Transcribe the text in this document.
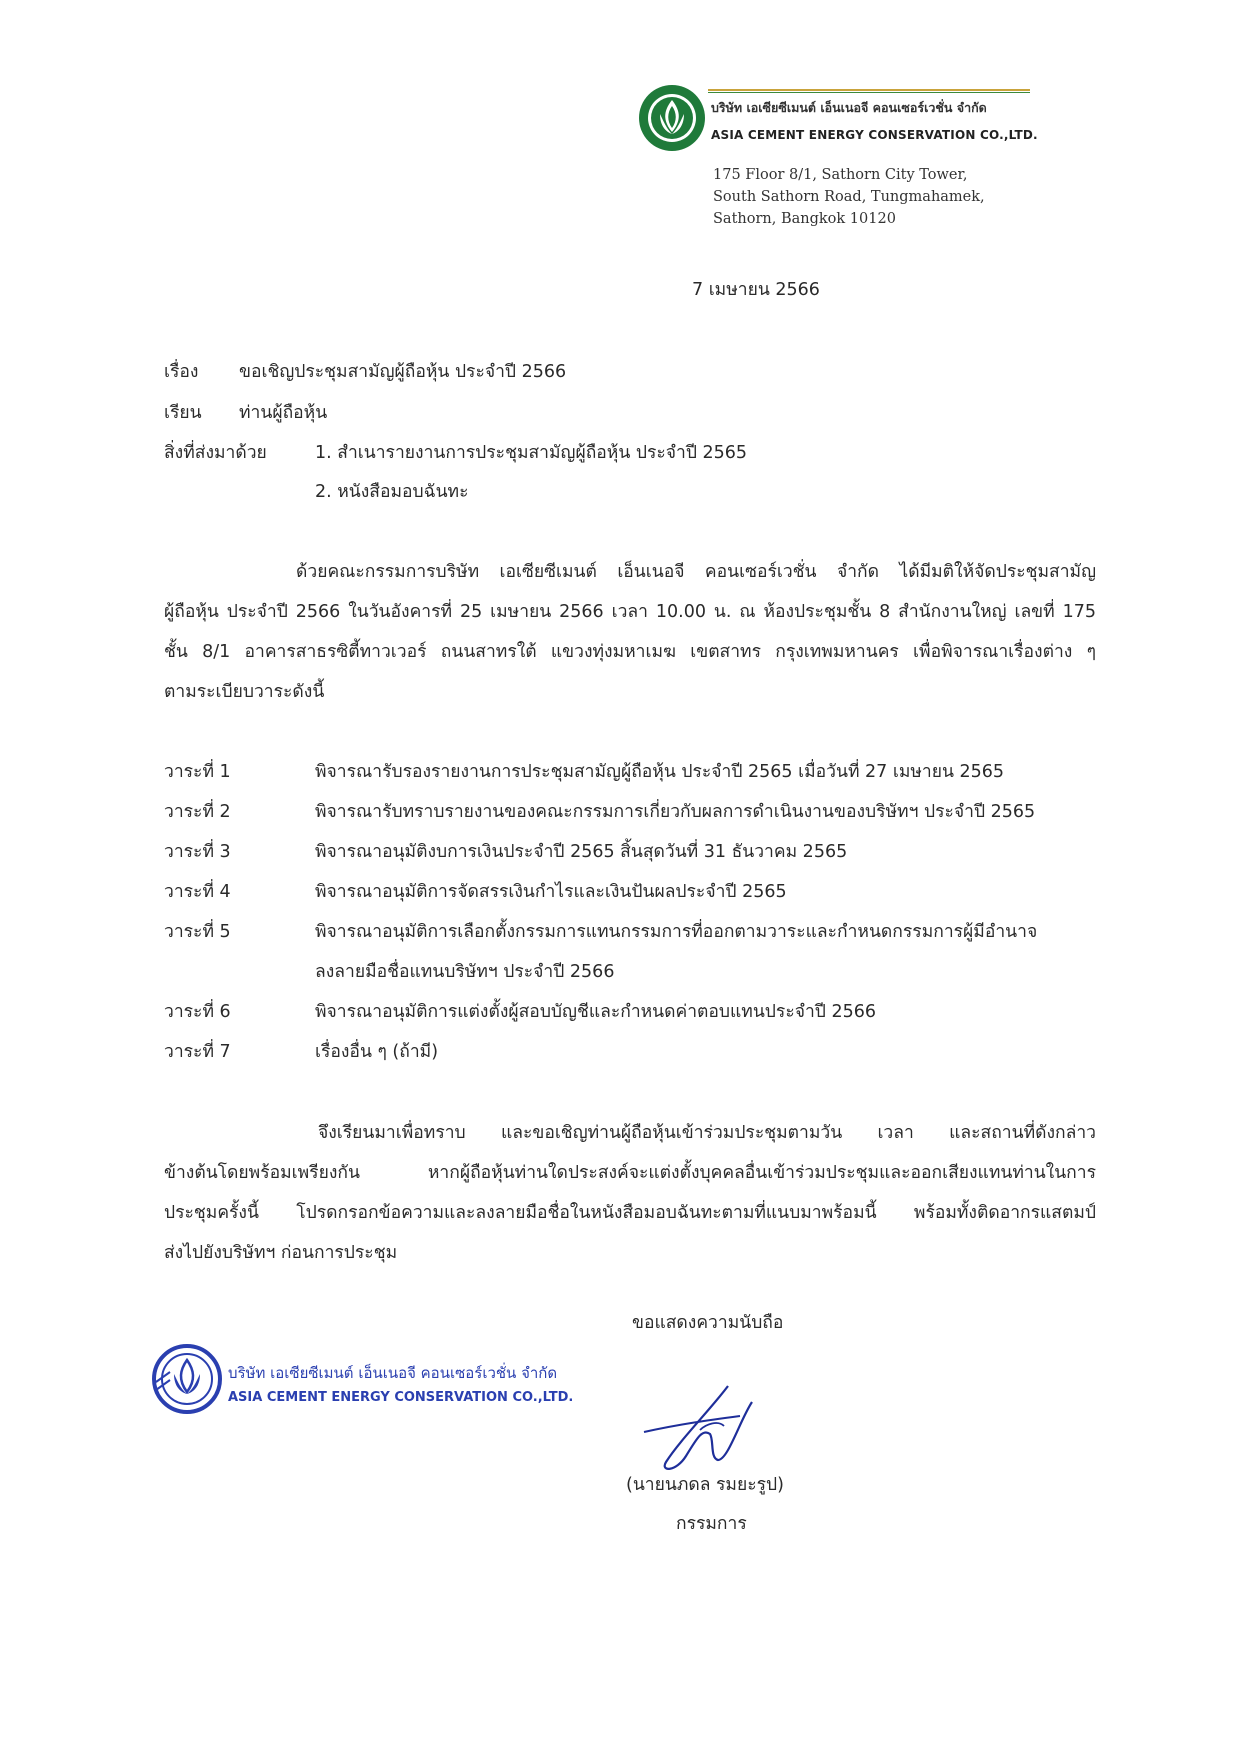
บริษัท เอเซียซีเมนต์ เอ็นเนอจี คอนเซอร์เวชั่น จำกัด
ASIA CEMENT ENERGY CONSERVATION CO.,LTD.
175 Floor 8/1, Sathorn City Tower,
South Sathorn Road, Tungmahamek,
Sathorn, Bangkok 10120
7 เมษายน 2566
เรื่อง ขอเชิญประชุมสามัญผู้ถือหุ้น ประจำปี 2566
เรียน ท่านผู้ถือหุ้น
สิ่งที่ส่งมาด้วย	1. สำเนารายงานการประชุมสามัญผู้ถือหุ้น ประจำปี 2565
2. หนังสือมอบฉันทะ
ด้วยคณะกรรมการบริษัท เอเซียซีเมนต์ เอ็นเนอจี คอนเซอร์เวชั่น จำกัด ได้มีมติให้จัดประชุมสามัญ
ผู้ถือหุ้น ประจำปี 2566 ในวันอังคารที่ 25 เมษายน 2566 เวลา 10.00 น. ณ ห้องประชุมชั้น 8 สำนักงานใหญ่ เลขที่ 175
ชั้น 8/1 อาคารสาธรซิตี้ทาวเวอร์ ถนนสาทรใต้ แขวงทุ่งมหาเมฆ เขตสาทร กรุงเทพมหานคร เพื่อพิจารณาเรื่องต่าง ๆ
ตามระเบียบวาระดังนี้
วาระที่ 1	พิจารณารับรองรายงานการประชุมสามัญผู้ถือหุ้น ประจำปี 2565 เมื่อวันที่ 27 เมษายน 2565
วาระที่ 2	พิจารณารับทราบรายงานของคณะกรรมการเกี่ยวกับผลการดำเนินงานของบริษัทฯ ประจำปี 2565
วาระที่ 3	พิจารณาอนุมัติงบการเงินประจำปี 2565 สิ้นสุดวันที่ 31 ธันวาคม 2565
วาระที่ 4	พิจารณาอนุมัติการจัดสรรเงินกำไรและเงินปันผลประจำปี 2565
วาระที่ 5	พิจารณาอนุมัติการเลือกตั้งกรรมการแทนกรรมการที่ออกตามวาระและกำหนดกรรมการผู้มีอำนาจ
ลงลายมือชื่อแทนบริษัทฯ ประจำปี 2566
วาระที่ 6	พิจารณาอนุมัติการแต่งตั้งผู้สอบบัญชีและกำหนดค่าตอบแทนประจำปี 2566
วาระที่ 7	เรื่องอื่น ๆ (ถ้ามี)
จึงเรียนมาเพื่อทราบ และขอเชิญท่านผู้ถือหุ้นเข้าร่วมประชุมตามวัน เวลา และสถานที่ดังกล่าว
ข้างต้นโดยพร้อมเพรียงกัน หากผู้ถือหุ้นท่านใดประสงค์จะแต่งตั้งบุคคลอื่นเข้าร่วมประชุมและออกเสียงแทนท่านในการ
ประชุมครั้งนี้ โปรดกรอกข้อความและลงลายมือชื่อในหนังสือมอบฉันทะตามที่แนบมาพร้อมนี้ พร้อมทั้งติดอากรแสตมป์
ส่งไปยังบริษัทฯ ก่อนการประชุม
ขอแสดงความนับถือ
(นายนภดล รมยะรูป)
กรรมการ
บริษัท เอเซียซีเมนต์ เอ็นเนอจี คอนเซอร์เวชั่น จำกัด
ASIA CEMENT ENERGY CONSERVATION CO.,LTD.
